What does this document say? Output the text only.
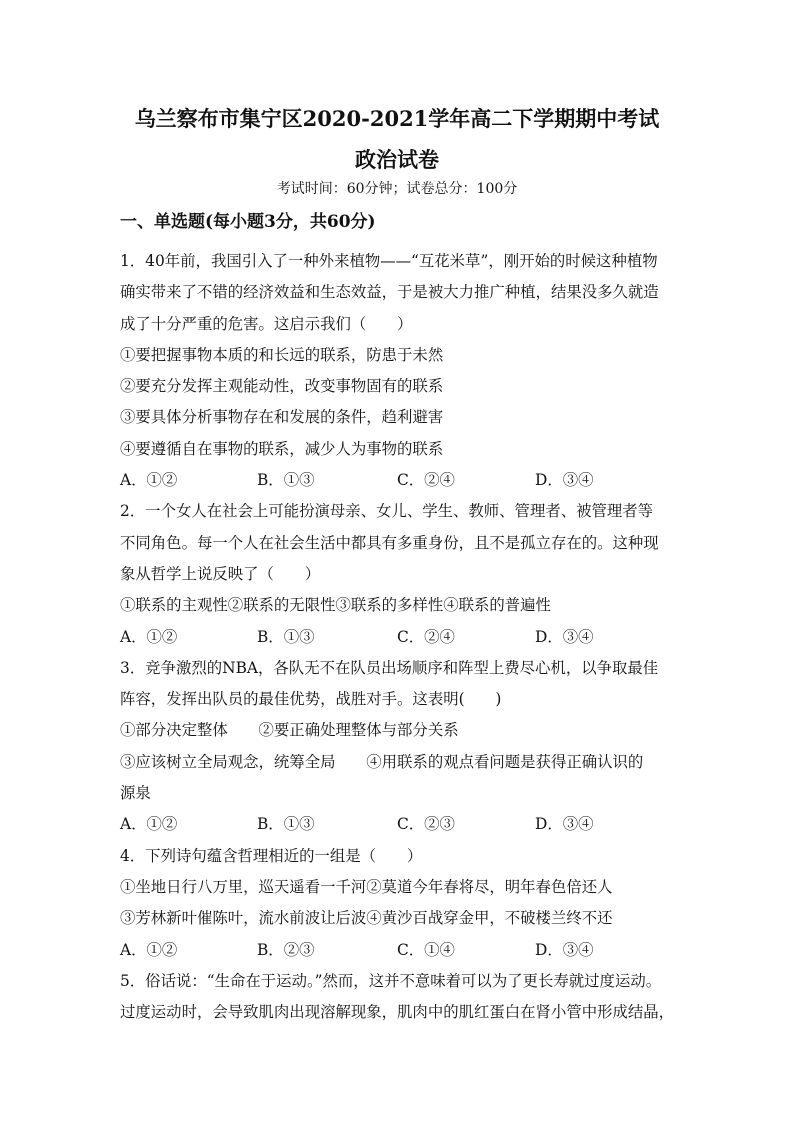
乌兰察布市集宁区2020-2021学年高二下学期期中考试
政治试卷
考试时间：60分钟；试卷总分：100分
一、单选题(每小题3分，共60分)
1．40年前，我国引入了一种外来植物——“互花米草”，刚开始的时候这种植物
确实带来了不错的经济效益和生态效益，于是被大力推广种植，结果没多久就造
成了十分严重的危害。这启示我们（　　）
①要把握事物本质的和长远的联系，防患于未然
②要充分发挥主观能动性，改变事物固有的联系
③要具体分析事物存在和发展的条件，趋利避害
④要遵循自在事物的联系，减少人为事物的联系
A．①②	B．①③	C．②④	D．③④
2．一个女人在社会上可能扮演母亲、女儿、学生、教师、管理者、被管理者等
不同角色。每一个人在社会生活中都具有多重身份，且不是孤立存在的。这种现
象从哲学上说反映了（　　）
①联系的主观性②联系的无限性③联系的多样性④联系的普遍性
A．①②	B．①③	C．②④	D．③④
3．竞争激烈的NBA，各队无不在队员出场顺序和阵型上费尽心机，以争取最佳
阵容，发挥出队员的最佳优势，战胜对手。这表明(　　)
①部分决定整体　　②要正确处理整体与部分关系
③应该树立全局观念，统筹全局　　④用联系的观点看问题是获得正确认识的
源泉
A．①②	B．①③	C．②③	D．③④
4．下列诗句蕴含哲理相近的一组是（　　）
①坐地日行八万里，巡天遥看一千河②莫道今年春将尽，明年春色倍还人
③芳林新叶催陈叶，流水前波让后波④黄沙百战穿金甲，不破楼兰终不还
A．①②	B．②③	C．①④	D．③④
5．俗话说：“生命在于运动。”然而，这并不意味着可以为了更长寿就过度运动。
过度运动时，会导致肌肉出现溶解现象，肌肉中的肌红蛋白在肾小管中形成结晶，
